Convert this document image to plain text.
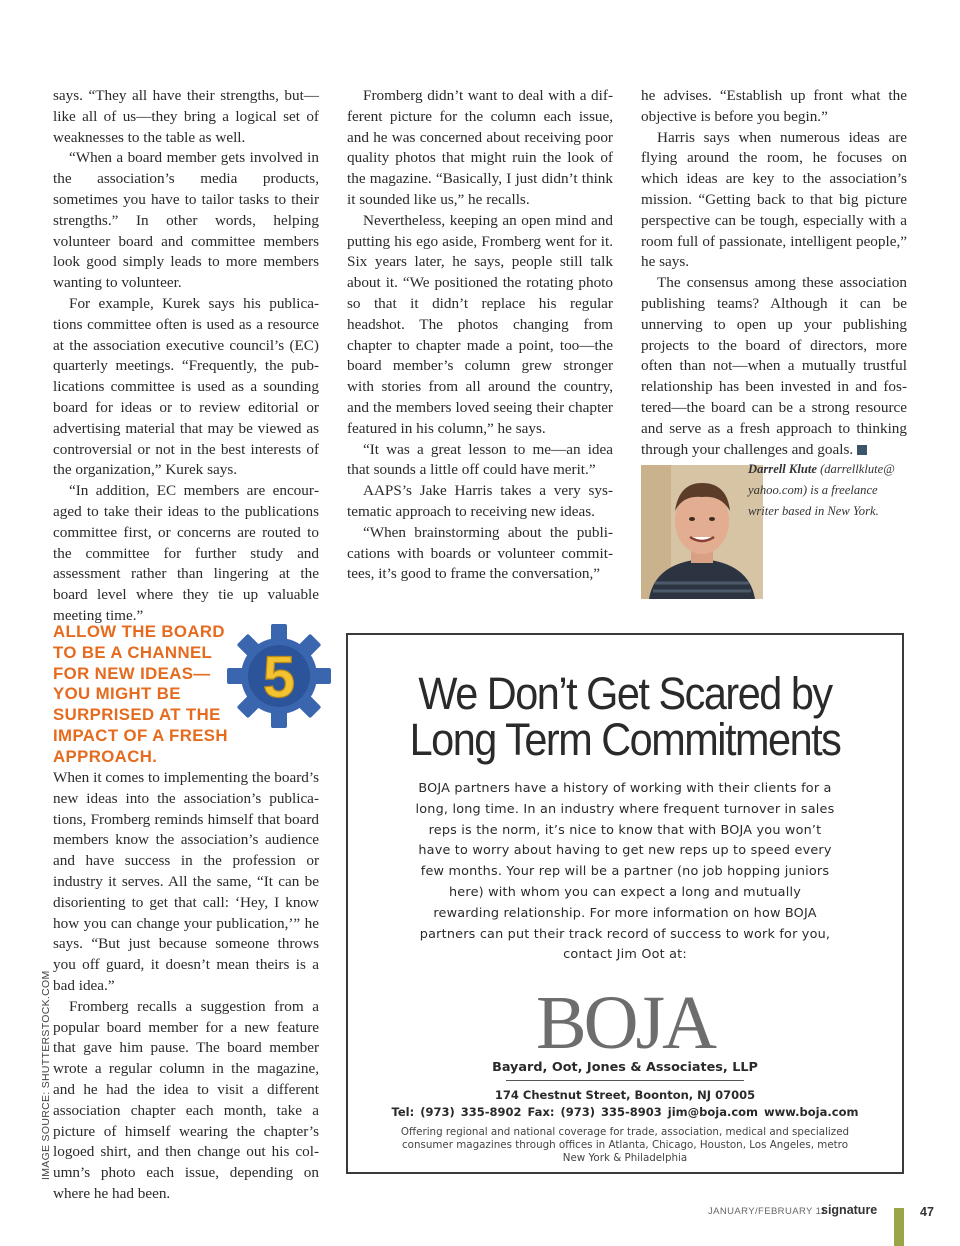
says. “They all have their strengths, but— like all of us—they bring a logical set of weaknesses to the table as well.

“When a board member gets involved in the association’s media products, sometimes you have to tailor tasks to their strengths.” In other words, helping volunteer board and committee members look good simply leads to more members wanting to volunteer.

For example, Kurek says his publications committee often is used as a resource at the association executive council’s (EC) quarterly meetings. “Frequently, the publications committee is used as a sounding board for ideas or to review editorial or advertising material that may be viewed as controversial or not in the best interests of the organization,” Kurek says.

“In addition, EC members are encouraged to take their ideas to the publications committee first, or concerns are routed to the committee for further study and assessment rather than lingering at the board level where they tie up valuable meeting time.”

ALLOW THE BOARD TO BE A CHANNEL FOR NEW IDEAS—YOU MIGHT BE SURPRISED AT THE IMPACT OF A FRESH APPROACH.
5

When it comes to implementing the board’s new ideas into the association’s publications, Fromberg reminds himself that board members know the association’s audience and have success in the profession or industry it serves. All the same, “It can be disorienting to get that call: ‘Hey, I know how you can change your publication,’” he says. “But just because someone throws you off guard, it doesn’t mean theirs is a bad idea.”

Fromberg recalls a suggestion from a popular board member for a new feature that gave him pause. The board member wrote a regular column in the magazine, and he had the idea to visit a different association chapter each month, take a picture of himself wearing the chapter’s logoed shirt, and then change out his column’s photo each issue, depending on where he had been.

Fromberg didn’t want to deal with a different picture for the column each issue, and he was concerned about receiving poor quality photos that might ruin the look of the magazine. “Basically, I just didn’t think it sounded like us,” he recalls.

Nevertheless, keeping an open mind and putting his ego aside, Fromberg went for it. Six years later, he says, people still talk about it. “We positioned the rotating photo so that it didn’t replace his regular headshot. The photos changing from chapter to chapter made a point, too—the board member’s column grew stronger with stories from all around the country, and the members loved seeing their chapter featured in his column,” he says.

“It was a great lesson to me—an idea that sounds a little off could have merit.”

AAPS’s Jake Harris takes a very systematic approach to receiving new ideas.

“When brainstorming about the publications with boards or volunteer committees, it’s good to frame the conversation,”

he advises. “Establish up front what the objective is before you begin.”

Harris says when numerous ideas are flying around the room, he focuses on which ideas are key to the association’s mission. “Getting back to that big picture perspective can be tough, especially with a room full of passionate, intelligent people,” he says.

The consensus among these association publishing teams? Although it can be unnerving to open up your publishing projects to the board of directors, more often than not—when a mutually trustful relationship has been invested in and fostered—the board can be a strong resource and serve as a fresh approach to thinking through your challenges and goals.

Darrell Klute (darrellklute@ yahoo.com) is a freelance writer based in New York.
We Don’t Get Scared by
Long Term Commitments
BOJA partners have a history of working with their clients for a long, long time. In an industry where frequent turnover in sales reps is the norm, it’s nice to know that with BOJA you won’t have to worry about having to get new reps up to speed every few months. Your rep will be a partner (no job hopping juniors here) with whom you can expect a long and mutually rewarding relationship. For more information on how BOJA partners can put their track record of success to work for you, contact Jim Oot at:
BOJA
Bayard, Oot, Jones & Associates, LLP
174 Chestnut Street, Boonton, NJ 07005
Tel: (973) 335-8902 Fax: (973) 335-8903 jim@boja.com www.boja.com
Offering regional and national coverage for trade, association, medical and specialized consumer magazines through offices in Atlanta, Chicago, Houston, Los Angeles, metro New York & Philadelphia
IMAGE SOURCE: SHUTTERSTOCK.COM
JANUARY/FEBRUARY 11
signature	47
